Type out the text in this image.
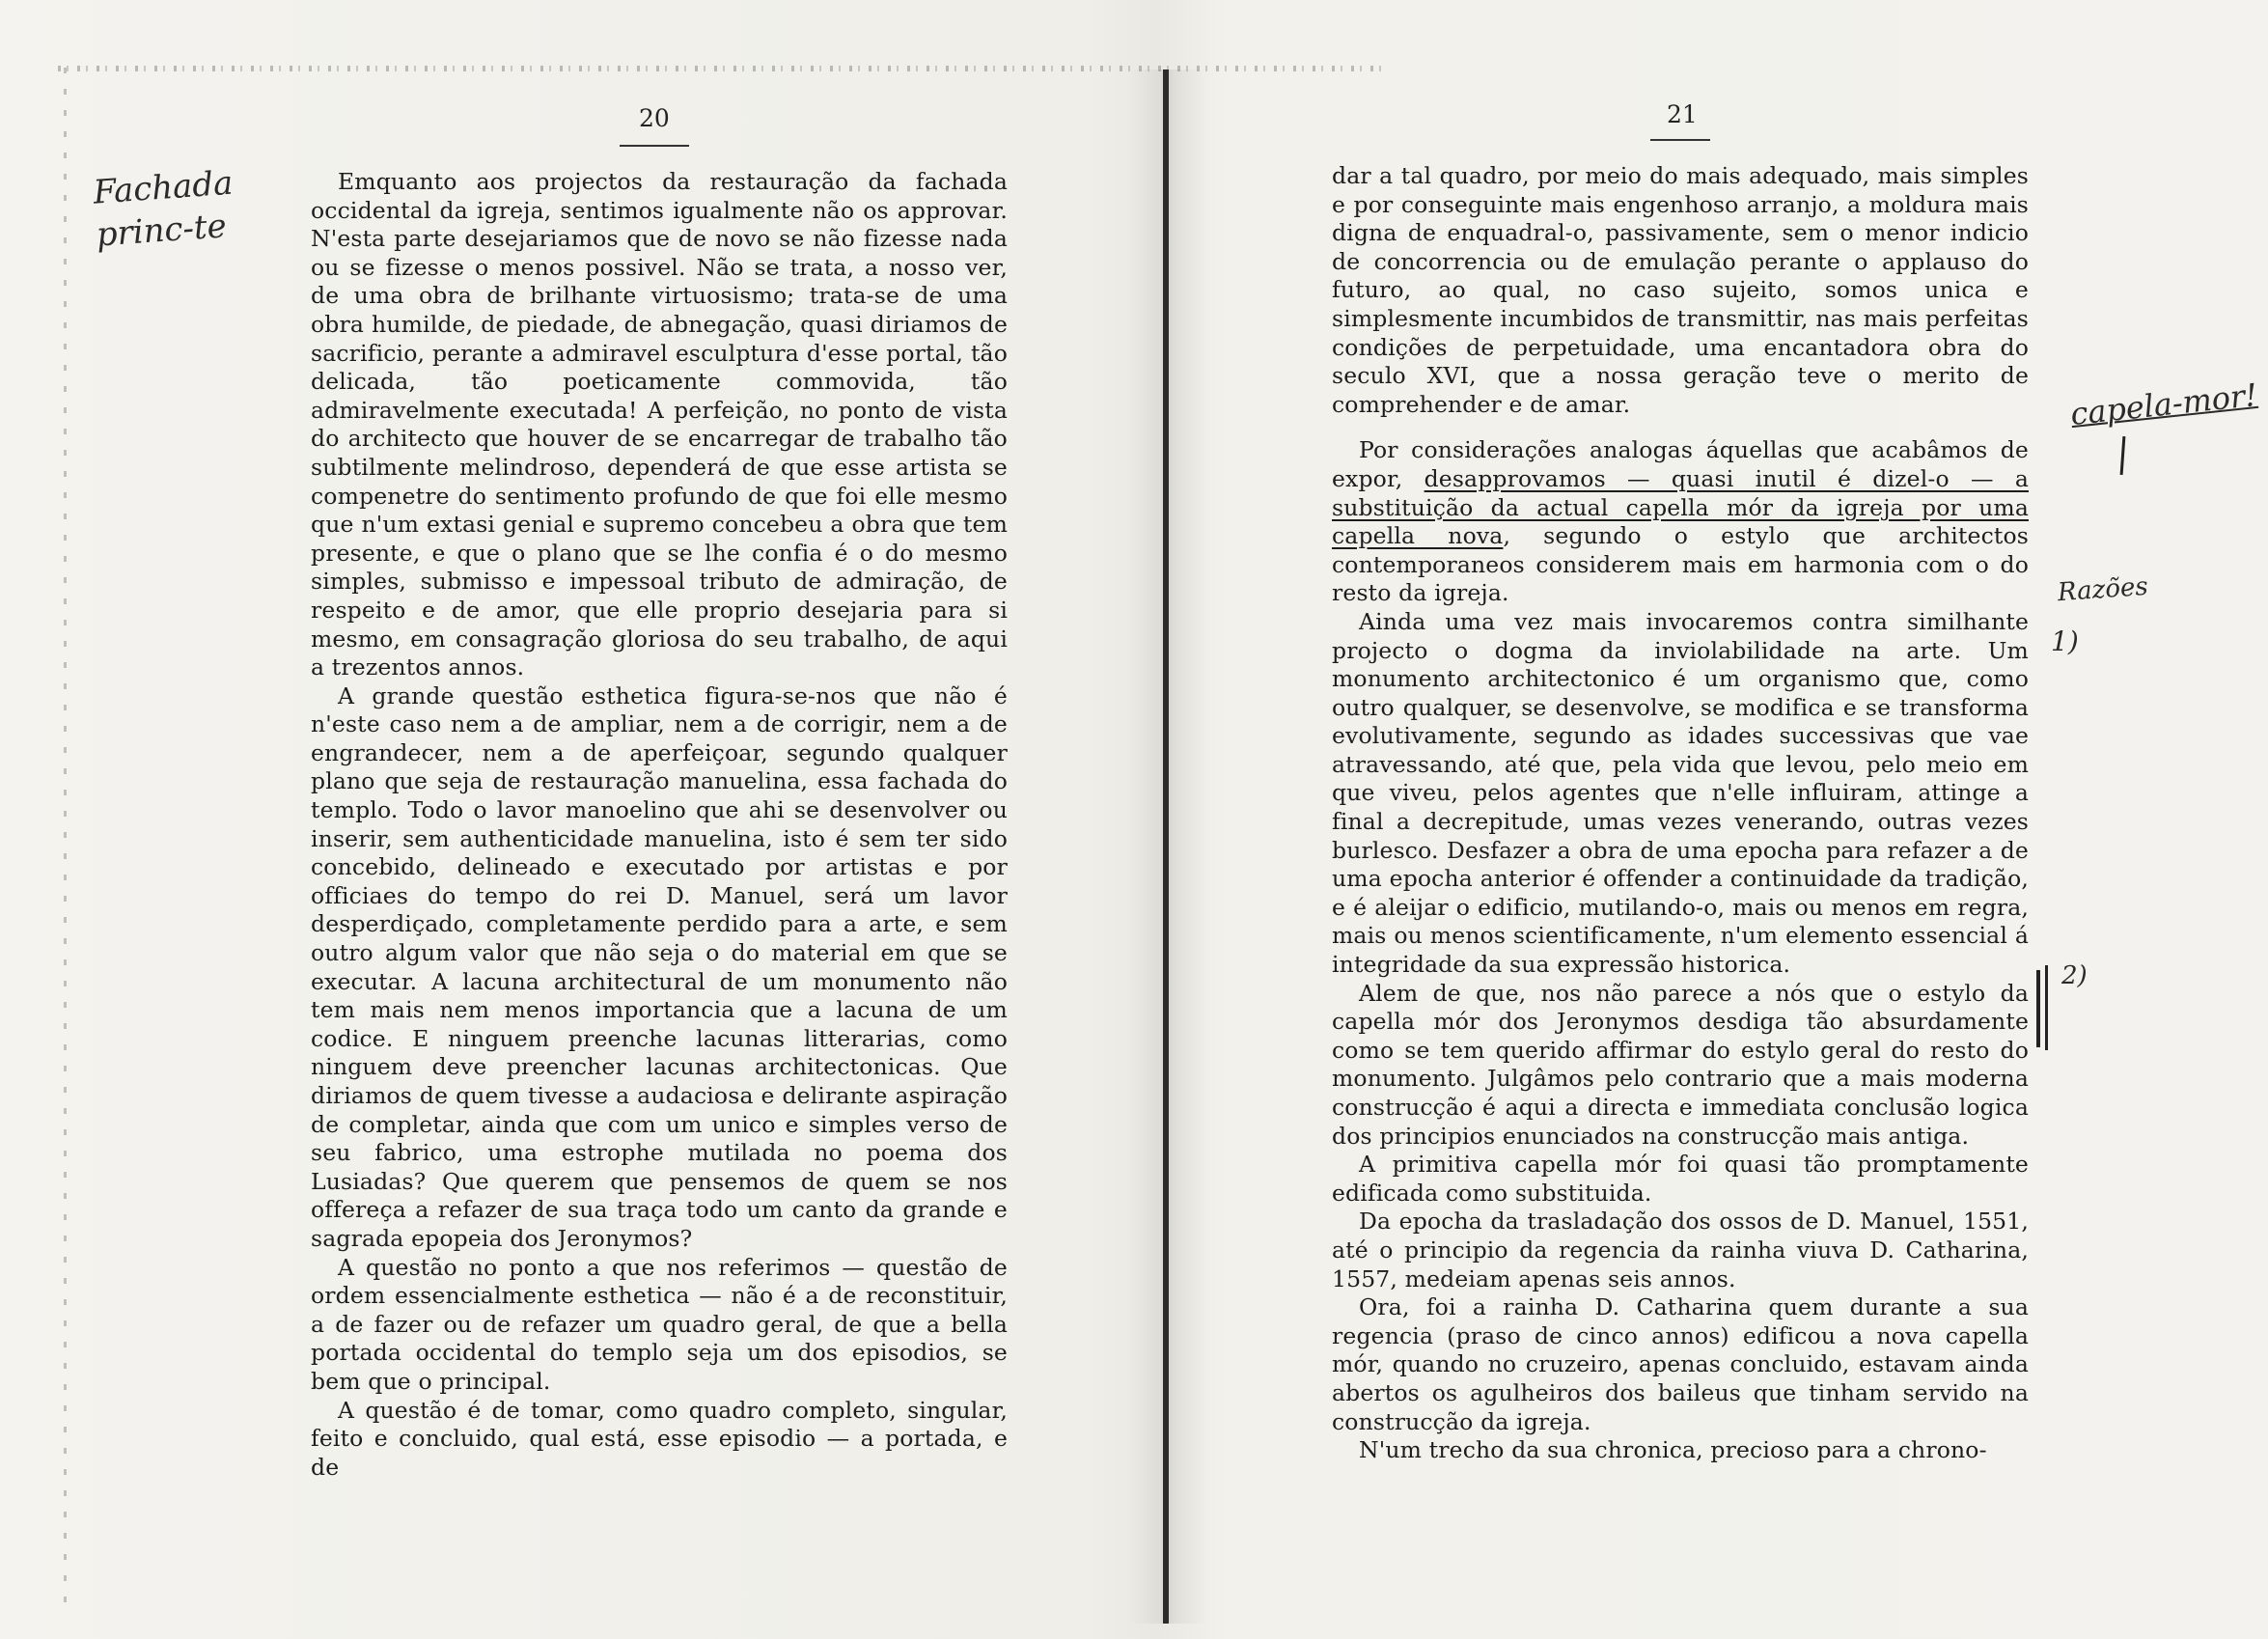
20
Fachada princ-te

Emquanto aos projectos da restauração da fachada occidental da igreja, sentimos igualmente não os approvar. N'esta parte desejariamos que de novo se não fizesse nada ou se fizesse o menos possivel. Não se trata, a nosso ver, de uma obra de brilhante virtuosismo; trata-se de uma obra humilde, de piedade, de abnegação, quasi diriamos de sacrificio, perante a admiravel esculptura d'esse portal, tão delicada, tão poeticamente commovida, tão admiravelmente executada! A perfeição, no ponto de vista do architecto que houver de se encarregar de trabalho tão subtilmente melindroso, dependerá de que esse artista se compenetre do sentimento profundo de que foi elle mesmo que n'um extasi genial e supremo concebeu a obra que tem presente, e que o plano que se lhe confia é o do mesmo simples, submisso e impessoal tributo de admiração, de respeito e de amor, que elle proprio desejaria para si mesmo, em consagração gloriosa do seu trabalho, de aqui a trezentos annos.

A grande questão esthetica figura-se-nos que não é n'este caso nem a de ampliar, nem a de corrigir, nem a de engrandecer, nem a de aperfeiçoar, segundo qualquer plano que seja de restauração manuelina, essa fachada do templo. Todo o lavor manoelino que ahi se desenvolver ou inserir, sem authenticidade manuelina, isto é sem ter sido concebido, delineado e executado por artistas e por officiaes do tempo do rei D. Manuel, será um lavor desperdiçado, completamente perdido para a arte, e sem outro algum valor que não seja o do material em que se executar. A lacuna architectural de um monumento não tem mais nem menos importancia que a lacuna de um codice. E ninguem preenche lacunas litterarias, como ninguem deve preencher lacunas architectonicas. Que diriamos de quem tivesse a audaciosa e delirante aspiração de completar, ainda que com um unico e simples verso de seu fabrico, uma estrophe mutilada no poema dos Lusiadas? Que querem que pensemos de quem se nos offereça a refazer de sua traça todo um canto da grande e sagrada epopeia dos Jeronymos?

A questão no ponto a que nos referimos — questão de ordem essencialmente esthetica — não é a de reconstituir, a de fazer ou de refazer um quadro geral, de que a bella portada occidental do templo seja um dos episodios, se bem que o principal.

A questão é de tomar, como quadro completo, singular, feito e concluido, qual está, esse episodio — a portada, e de

21

dar a tal quadro, por meio do mais adequado, mais simples e por conseguinte mais engenhoso arranjo, a moldura mais digna de enquadral-o, passivamente, sem o menor indicio de concorrencia ou de emulação perante o applauso do futuro, ao qual, no caso sujeito, somos unica e simplesmente incumbidos de transmittir, nas mais perfeitas condições de perpetuidade, uma encantadora obra do seculo XVI, que a nossa geração teve o merito de comprehender e de amar.

Por considerações analogas áquellas que acabâmos de expor, desapprovamos — quasi inutil é dizel-o — a substituição da actual capella mór da igreja por uma capella nova, segundo o estylo que architectos contemporaneos considerem mais em harmonia com o do resto da igreja.

Ainda uma vez mais invocaremos contra similhante projecto o dogma da inviolabilidade na arte. Um monumento architectonico é um organismo que, como outro qualquer, se desenvolve, se modifica e se transforma evolutivamente, segundo as idades successivas que vae atravessando, até que, pela vida que levou, pelo meio em que viveu, pelos agentes que n'elle influiram, attinge a final a decrepitude, umas vezes venerando, outras vezes burlesco. Desfazer a obra de uma epocha para refazer a de uma epocha anterior é offender a continuidade da tradição, e é aleijar o edificio, mutilando-o, mais ou menos em regra, mais ou menos scientificamente, n'um elemento essencial á integridade da sua expressão historica.

Alem de que, nos não parece a nós que o estylo da capella mór dos Jeronymos desdiga tão absurdamente como se tem querido affirmar do estylo geral do resto do monumento. Julgâmos pelo contrario que a mais moderna construcção é aqui a directa e immediata conclusão logica dos principios enunciados na construcção mais antiga.

A primitiva capella mór foi quasi tão promptamente edificada como substituida.

Da epocha da trasladação dos ossos de D. Manuel, 1551, até o principio da regencia da rainha viuva D. Catharina, 1557, medeiam apenas seis annos.

Ora, foi a rainha D. Catharina quem durante a sua regencia (praso de cinco annos) edificou a nova capella mór, quando no cruzeiro, apenas concluido, estavam ainda abertos os agulheiros dos baileus que tinham servido na construcção da igreja.

N'um trecho da sua chronica, precioso para a chrono-

capela-mor!
Razões
1)
2)
